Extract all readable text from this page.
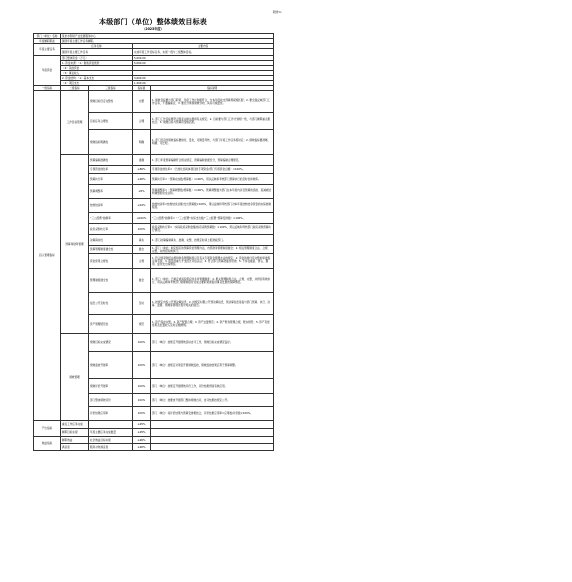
附件1：
本级部门（单位）整体绩效目标表
（2023年度）
部门（单位）名称	某市水利局产业发展服务中心			
年度履职职能	围绕年度主要工作任务履职。			
年度主要任务	任务名称		主要内容	
	围绕年度主要工作任务		完成年度工作目标任务，实现一级与二级整体目标。	
年度资金	部门整体资金（万元）		5,000.00	
	1. 资金来源：（1）财政资金拨款		5,000.00	
	（2）其他资金			
	（3）事业收入			
	2. 资金结构：（1）基本支出		3,600.00	
	（2）项目支出		1,400.00	
一级指标	二级指标	三级指标	指标值	指标说明
投入管理指标	工作目标管理	绩效目标设定完整性	完整	1. 绩效目标要与部门职责、年度工作计划相符合，与本年度收支预算规模相匹配；2. 要全面反映部门工作任务，不遗漏重点；3. 要充分体现绩效导向，具有可衡量性。
		目标任务合理性	合理	1. 部门工作目标要符合国家法律法规和有关规定；2. 目标要与部门工作计划相一致，与部门履职重点相结合；3. 绩效目标与预算资金相匹配。
		绩效指标明确性	明确	1. 部门设定的绩效指标要细化、量化，可衡量考核，与部门年度工作任务相对应；2. 绩效指标要清晰、明确、可比较。
	预算和财务管理	预算编制准确性	准确	1. 部门年度预算编制符合相关规定，预算编制依据充分，预算编制合理规范。
		专项资金细化率	≥80%	专项资金细化率=（已细化到具体项目的专项资金/部门专项资金总额）×100%。
		预算执行率	≥90%	预算执行率=（预算完成数/预算数）×100%，用以反映和考核部门预算执行的及时性和效率。
		预算调整率	≤5%	预算调整率=（预算调整数/预算数）×100%，预算调整数为部门在本年度内涉及预算的追加、追减或结构调整的资金总和。
		结转结余率	≤10%	结转结余率=结转结余总额/支出预算数×100%，用以反映和考核部门对本年度结转结余资金的实际控制程度。
		“三公经费”控制率	≤100%	“三公经费”控制率=（“三公经费”实际支出数/“三公经费”预算安排数）×100%。
		政府采购执行率	100%	政府采购执行率=（实际政府采购金额/政府采购预算数）×100%，用以反映和考核部门政府采购预算执行情况。
		决算真实性	真实	1. 部门决算编制真实、准确、完整，按规定时间上报财政部门。
		预算管理制度健全性	健全	1. 部门（单位）制定相应的预算资金管理办法，内部财务管理制度健全；2. 相关管理制度合法、合规、完整，并得到有效执行。
		资金使用合规性	合规	1. 符合国家财经法规和财务管理制度以及有关专项资金管理办法的规定；2. 资金的拨付有完整的审批程序和手续；3. 项目的重大开支经过评估认证；4. 符合部门预算批复的用途；5. 不存在截留、挤占、挪用、虚列支出等情况。
		管理制度健全性	健全	1. 部门（单位）已制定或具有相应的业务管理制度；2. 相关管理制度合法、合规、完整，并得到有效执行，用以反映和考核部门管理制度对完成主要职责或促进事业发展的保障情况。
		信息公开及时性	及时	1. 按规定内容公开预决算信息；2. 按规定时限公开预决算信息，预决算信息是指与部门预算、执行、决算、监督、绩效等管理过程中相关的信息。
		资产管理规范性	规范	1. 资产保存完整；2. 资产配置合理；3. 资产处置规范；4. 资产账务管理合规，账实相符；5. 资产有偿使用及处置收入及时足额缴纳。
	绩效管理	绩效目标完成情况	100%	部门（单位）按规定开展绩效目标自评工作，绩效目标完成情况良好。
		绩效监控开展率	100%	部门（单位）按规定对项目开展绩效监控，绩效监控结果应用于预算调整。
		绩效评价开展率	100%	部门（单位）按规定开展绩效评价工作，评价结果得到有效应用。
		部门整体绩效评价	100%	部门（单位）按要求开展部门整体绩效自评，自评结果按规定公开。
		评价结果应用率	100%	部门（单位）将评价结果与预算安排相结合，评价结果应用率=应用数/评价数×100%。
产出指标	重点工作任务完成		≥95%	
	履职目标实现	年度主要任务完成数量	≥95%	
效益指标	履职效益	社会效益目标实现	≥90%	
	满意度	服务对象满意度	≥90%	
